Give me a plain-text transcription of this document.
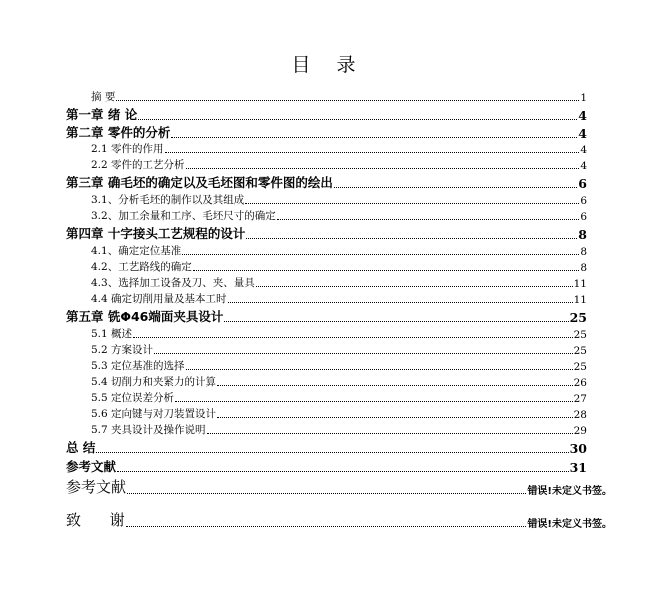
目 录
摘 要	1
第一章 绪 论	4
第二章 零件的分析	4
2.1 零件的作用	4
2.2 零件的工艺分析	4
第三章 确毛坯的确定以及毛坯图和零件图的绘出	6
3.1、分析毛坯的制作以及其组成	6
3.2、加工余量和工序、毛坯尺寸的确定	6
第四章 十字接头工艺规程的设计	8
4.1、确定定位基准	8
4.2、工艺路线的确定	8
4.3、选择加工设备及刀、夹、量具	11
4.4 确定切削用量及基本工时	11
第五章 铣Φ46端面夹具设计	25
5.1 概述	25
5.2 方案设计	25
5.3 定位基准的选择	25
5.4 切削力和夹紧力的计算	26
5.5 定位误差分析	27
5.6 定向键与对刀装置设计	28
5.7 夹具设计及操作说明	29
总 结	30
参考文献	31
参考文献	错误!未定义书签。
致      谢	错误!未定义书签。
